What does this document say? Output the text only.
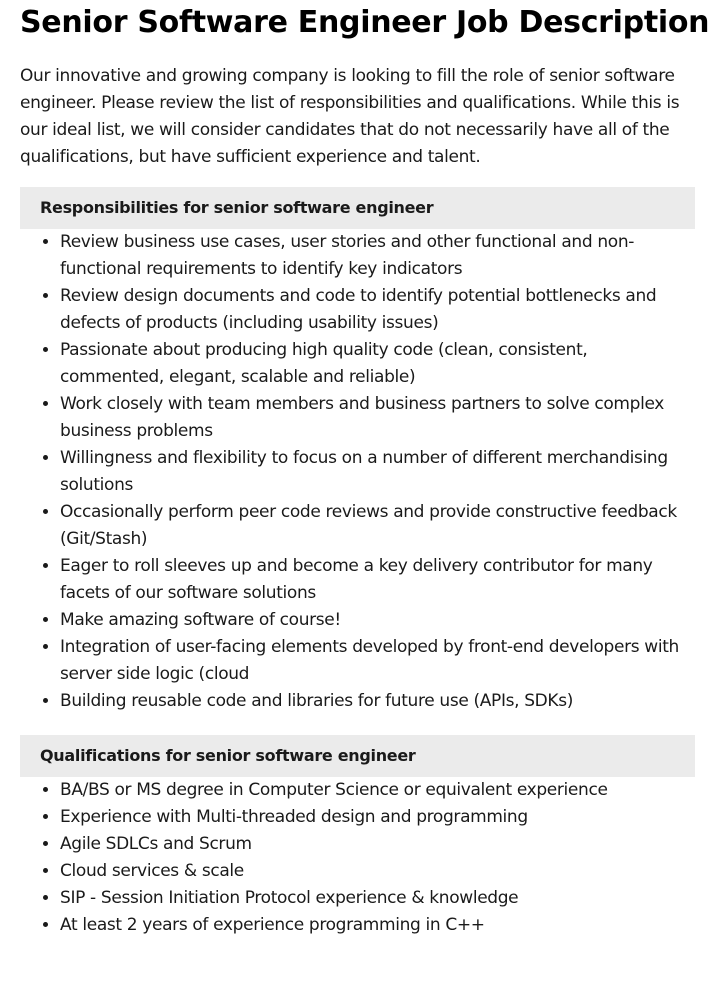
Senior Software Engineer Job Description

Our innovative and growing company is looking to fill the role of senior software engineer. Please review the list of responsibilities and qualifications. While this is our ideal list, we will consider candidates that do not necessarily have all of the qualifications, but have sufficient experience and talent.

Responsibilities for senior software engineer
• Review business use cases, user stories and other functional and non-functional requirements to identify key indicators
• Review design documents and code to identify potential bottlenecks and defects of products (including usability issues)
• Passionate about producing high quality code (clean, consistent, commented, elegant, scalable and reliable)
• Work closely with team members and business partners to solve complex business problems
• Willingness and flexibility to focus on a number of different merchandising solutions
• Occasionally perform peer code reviews and provide constructive feedback (Git/Stash)
• Eager to roll sleeves up and become a key delivery contributor for many facets of our software solutions
• Make amazing software of course!
• Integration of user-facing elements developed by front-end developers with server side logic (cloud
• Building reusable code and libraries for future use (APIs, SDKs)
Qualifications for senior software engineer
• BA/BS or MS degree in Computer Science or equivalent experience
• Experience with Multi-threaded design and programming
• Agile SDLCs and Scrum
• Cloud services & scale
• SIP - Session Initiation Protocol experience & knowledge
• At least 2 years of experience programming in C++
